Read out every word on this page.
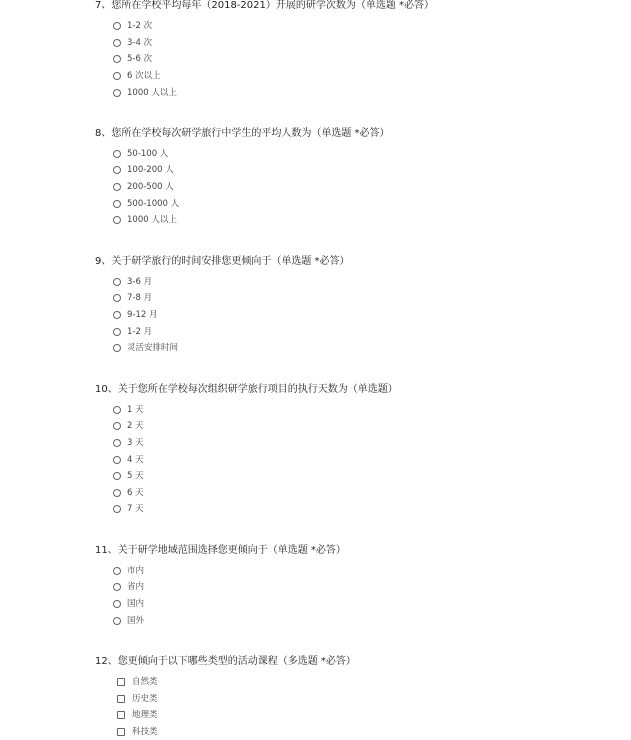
7、您所在学校平均每年（2018-2021）开展的研学次数为（单选题 *必答）
1-2 次
3-4 次
5-6 次
6 次以上
1000 人以上
8、您所在学校每次研学旅行中学生的平均人数为（单选题 *必答）
50-100 人
100-200 人
200-500 人
500-1000 人
1000 人以上
9、关于研学旅行的时间安排您更倾向于（单选题 *必答）
3-6 月
7-8 月
9-12 月
1-2 月
灵活安排时间
10、关于您所在学校每次组织研学旅行项目的执行天数为（单选题）
1 天
2 天
3 天
4 天
5 天
6 天
7 天
11、关于研学地域范围选择您更倾向于（单选题 *必答）
市内
省内
国内
国外
12、您更倾向于以下哪些类型的活动课程（多选题 *必答）
自然类
历史类
地理类
科技类
